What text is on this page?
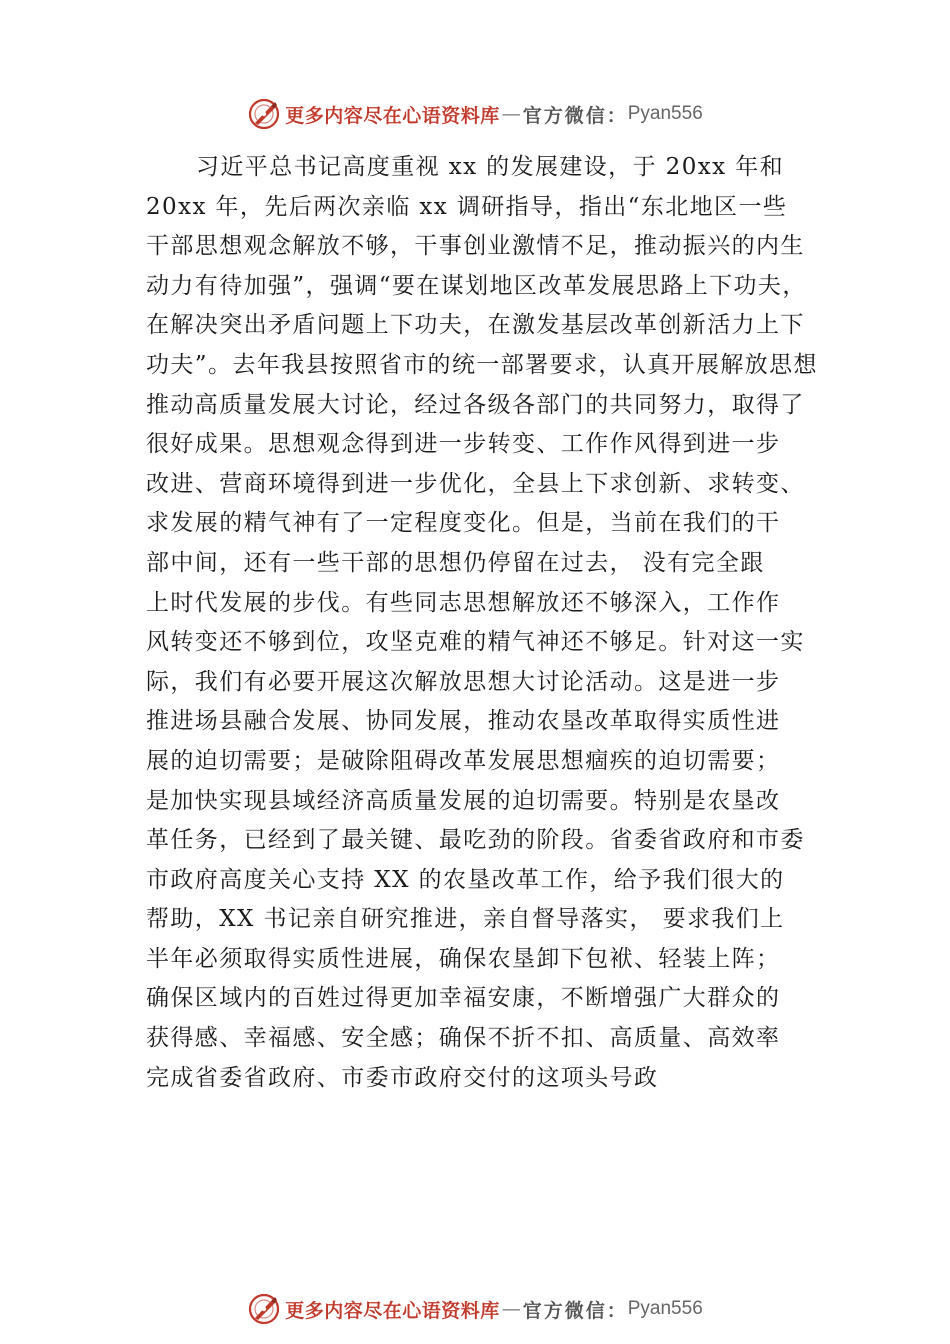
更多内容尽在心语资料库 — 官方微信： Pyan556
习近平总书记高度重视 xx 的发展建设，于 20xx 年和
20xx 年，先后两次亲临 xx 调研指导，指出“东北地区一些
干部思想观念解放不够，干事创业激情不足，推动振兴的内生
动力有待加强”，强调“要在谋划地区改革发展思路上下功夫，
在解决突出矛盾问题上下功夫，在激发基层改革创新活力上下
功夫”。去年我县按照省市的统一部署要求，认真开展解放思想
推动高质量发展大讨论，经过各级各部门的共同努力，取得了
很好成果。思想观念得到进一步转变、工作作风得到进一步
改进、营商环境得到进一步优化，全县上下求创新、求转变、
求发展的精气神有了一定程度变化。但是，当前在我们的干
部中间，还有一些干部的思想仍停留在过去， 没有完全跟
上时代发展的步伐。有些同志思想解放还不够深入，工作作
风转变还不够到位，攻坚克难的精气神还不够足。针对这一实
际，我们有必要开展这次解放思想大讨论活动。这是进一步
推进场县融合发展、协同发展，推动农垦改革取得实质性进
展的迫切需要；是破除阻碍改革发展思想痼疾的迫切需要；
是加快实现县域经济高质量发展的迫切需要。特别是农垦改
革任务，已经到了最关键、最吃劲的阶段。省委省政府和市委
市政府高度关心支持 XX 的农垦改革工作，给予我们很大的
帮助，XX 书记亲自研究推进，亲自督导落实， 要求我们上
半年必须取得实质性进展，确保农垦卸下包袱、轻装上阵；
确保区域内的百姓过得更加幸福安康，不断增强广大群众的
获得感、幸福感、安全感；确保不折不扣、高质量、高效率
完成省委省政府、市委市政府交付的这项头号政
更多内容尽在心语资料库 — 官方微信： Pyan556
